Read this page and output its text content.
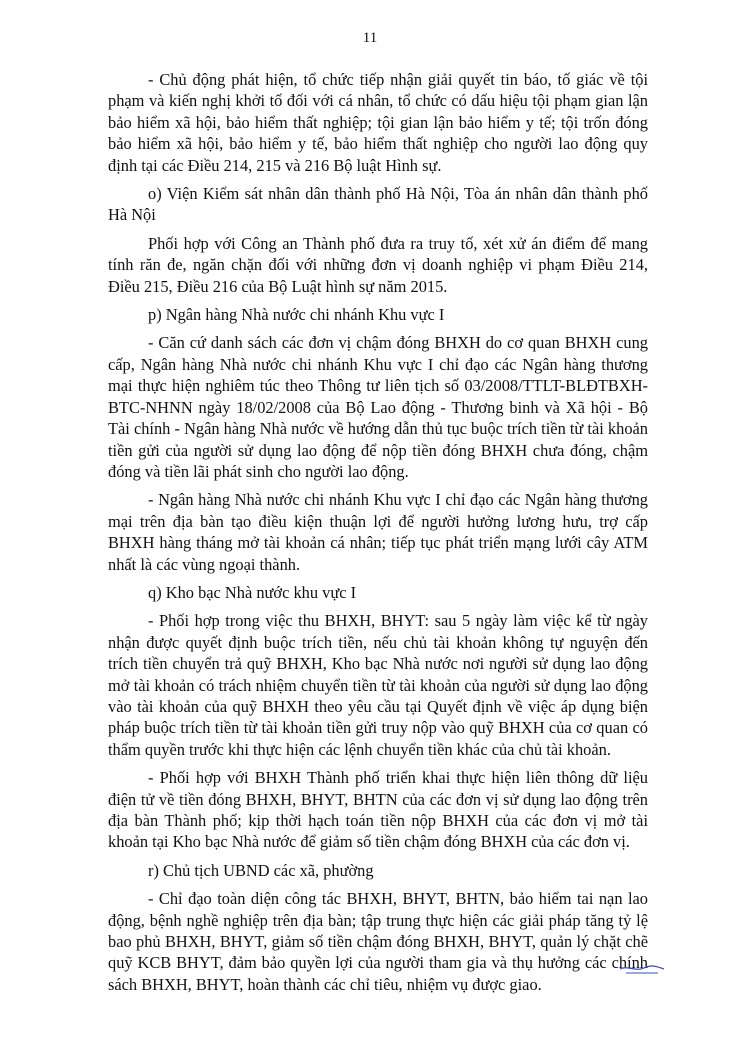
11

- Chủ động phát hiện, tổ chức tiếp nhận giải quyết tin báo, tố giác về tội phạm và kiến nghị khởi tố đối với cá nhân, tổ chức có dấu hiệu tội phạm gian lận bảo hiểm xã hội, bảo hiểm thất nghiệp; tội gian lận bảo hiểm y tế; tội trốn đóng bảo hiểm xã hội, bảo hiểm y tế, bảo hiểm thất nghiệp cho người lao động quy định tại các Điều 214, 215 và 216 Bộ luật Hình sự.

o) Viện Kiểm sát nhân dân thành phố Hà Nội, Tòa án nhân dân thành phố Hà Nội

Phối hợp với Công an Thành phố đưa ra truy tố, xét xử án điểm để mang tính răn đe, ngăn chặn đối với những đơn vị doanh nghiệp vi phạm Điều 214, Điều 215, Điều 216 của Bộ Luật hình sự năm 2015.

p) Ngân hàng Nhà nước chi nhánh Khu vực I

- Căn cứ danh sách các đơn vị chậm đóng BHXH do cơ quan BHXH cung cấp, Ngân hàng Nhà nước chi nhánh Khu vực I chỉ đạo các Ngân hàng thương mại thực hiện nghiêm túc theo Thông tư liên tịch số 03/2008/TTLT-BLĐTBXH-BTC-NHNN ngày 18/02/2008 của Bộ Lao động - Thương binh và Xã hội - Bộ Tài chính - Ngân hàng Nhà nước về hướng dẫn thủ tục buộc trích tiền từ tài khoản tiền gửi của người sử dụng lao động để nộp tiền đóng BHXH chưa đóng, chậm đóng và tiền lãi phát sinh cho người lao động.

- Ngân hàng Nhà nước chi nhánh Khu vực I chỉ đạo các Ngân hàng thương mại trên địa bàn tạo điều kiện thuận lợi để người hưởng lương hưu, trợ cấp BHXH hàng tháng mở tài khoản cá nhân; tiếp tục phát triển mạng lưới cây ATM nhất là các vùng ngoại thành.

q) Kho bạc Nhà nước khu vực I

- Phối hợp trong việc thu BHXH, BHYT: sau 5 ngày làm việc kể từ ngày nhận được quyết định buộc trích tiền, nếu chủ tài khoản không tự nguyện đến trích tiền chuyển trả quỹ BHXH, Kho bạc Nhà nước nơi người sử dụng lao động mở tài khoản có trách nhiệm chuyển tiền từ tài khoản của người sử dụng lao động vào tài khoản của quỹ BHXH theo yêu cầu tại Quyết định về việc áp dụng biện pháp buộc trích tiền từ tài khoản tiền gửi truy nộp vào quỹ BHXH của cơ quan có thẩm quyền trước khi thực hiện các lệnh chuyển tiền khác của chủ tài khoản.

- Phối hợp với BHXH Thành phố triển khai thực hiện liên thông dữ liệu điện tử về tiền đóng BHXH, BHYT, BHTN của các đơn vị sử dụng lao động trên địa bàn Thành phố; kịp thời hạch toán tiền nộp BHXH của các đơn vị mở tài khoản tại Kho bạc Nhà nước để giảm số tiền chậm đóng BHXH của các đơn vị.

r) Chủ tịch UBND các xã, phường

- Chỉ đạo toàn diện công tác BHXH, BHYT, BHTN, bảo hiểm tai nạn lao động, bệnh nghề nghiệp trên địa bàn; tập trung thực hiện các giải pháp tăng tỷ lệ bao phủ BHXH, BHYT, giảm số tiền chậm đóng BHXH, BHYT, quản lý chặt chẽ quỹ KCB BHYT, đảm bảo quyền lợi của người tham gia và thụ hưởng các chính sách BHXH, BHYT, hoàn thành các chỉ tiêu, nhiệm vụ được giao.
